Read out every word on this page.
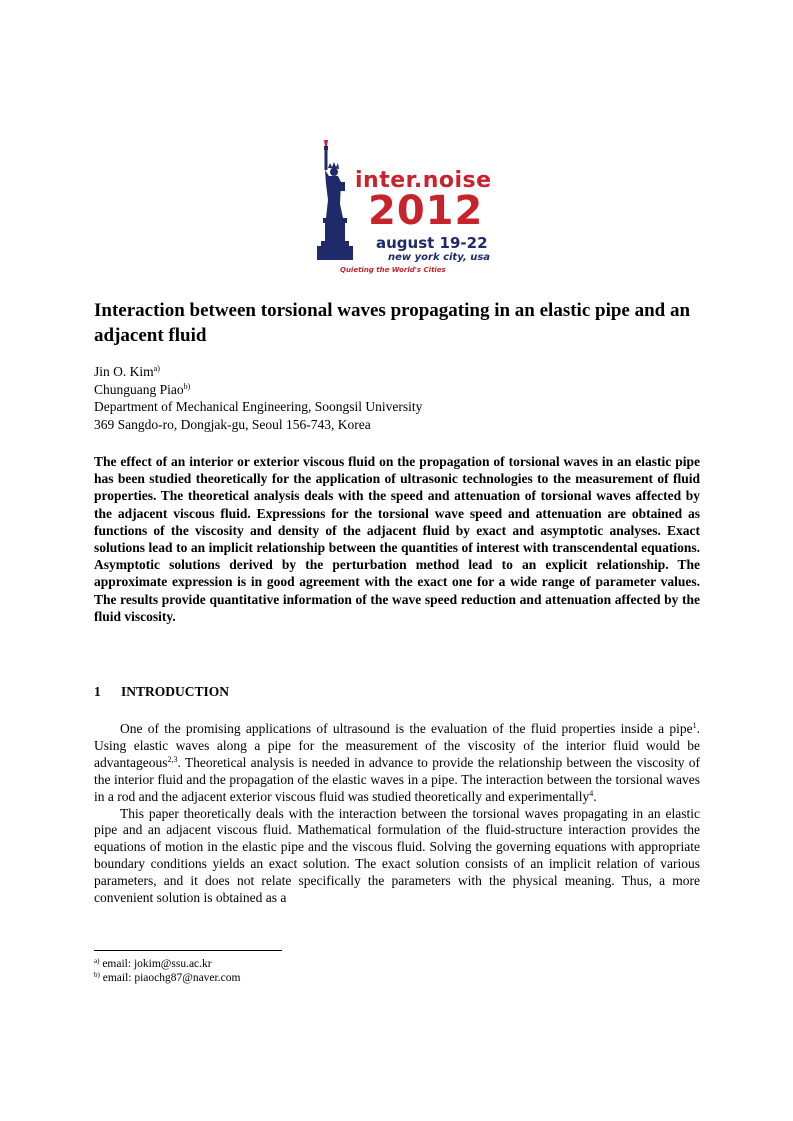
inter.noise
2012
august 19-22
new york city, usa
Quieting the World's Cities
Interaction between torsional waves propagating in an elastic pipe and an adjacent fluid
Jin O. Kim$^{a)}$
Chunguang Piao$^{b)}$
Department of Mechanical Engineering, Soongsil University
369 Sangdo-ro, Dongjak-gu, Seoul 156-743, Korea

The effect of an interior or exterior viscous fluid on the propagation of torsional waves in an elastic pipe has been studied theoretically for the application of ultrasonic technologies to the measurement of fluid properties. The theoretical analysis deals with the speed and attenuation of torsional waves affected by the adjacent viscous fluid. Expressions for the torsional wave speed and attenuation are obtained as functions of the viscosity and density of the adjacent fluid by exact and asymptotic analyses. Exact solutions lead to an implicit relationship between the quantities of interest with transcendental equations. Asymptotic solutions derived by the perturbation method lead to an explicit relationship. The approximate expression is in good agreement with the exact one for a wide range of parameter values. The results provide quantitative information of the wave speed reduction and attenuation affected by the fluid viscosity.

1 INTRODUCTION

One of the promising applications of ultrasound is the evaluation of the fluid properties inside a pipe$^1$. Using elastic waves along a pipe for the measurement of the viscosity of the interior fluid would be advantageous$^{2,3}$. Theoretical analysis is needed in advance to provide the relationship between the viscosity of the interior fluid and the propagation of the elastic waves in a pipe. The interaction between the torsional waves in a rod and the adjacent exterior viscous fluid was studied theoretically and experimentally$^4$.

This paper theoretically deals with the interaction between the torsional waves propagating in an elastic pipe and an adjacent viscous fluid. Mathematical formulation of the fluid-structure interaction provides the equations of motion in the elastic pipe and the viscous fluid. Solving the governing equations with appropriate boundary conditions yields an exact solution. The exact solution consists of an implicit relation of various parameters, and it does not relate specifically the parameters with the physical meaning. Thus, a more convenient solution is obtained as a

$^{a)}$ email: jokim@ssu.ac.kr
$^{b)}$ email: piaochg87@naver.com
